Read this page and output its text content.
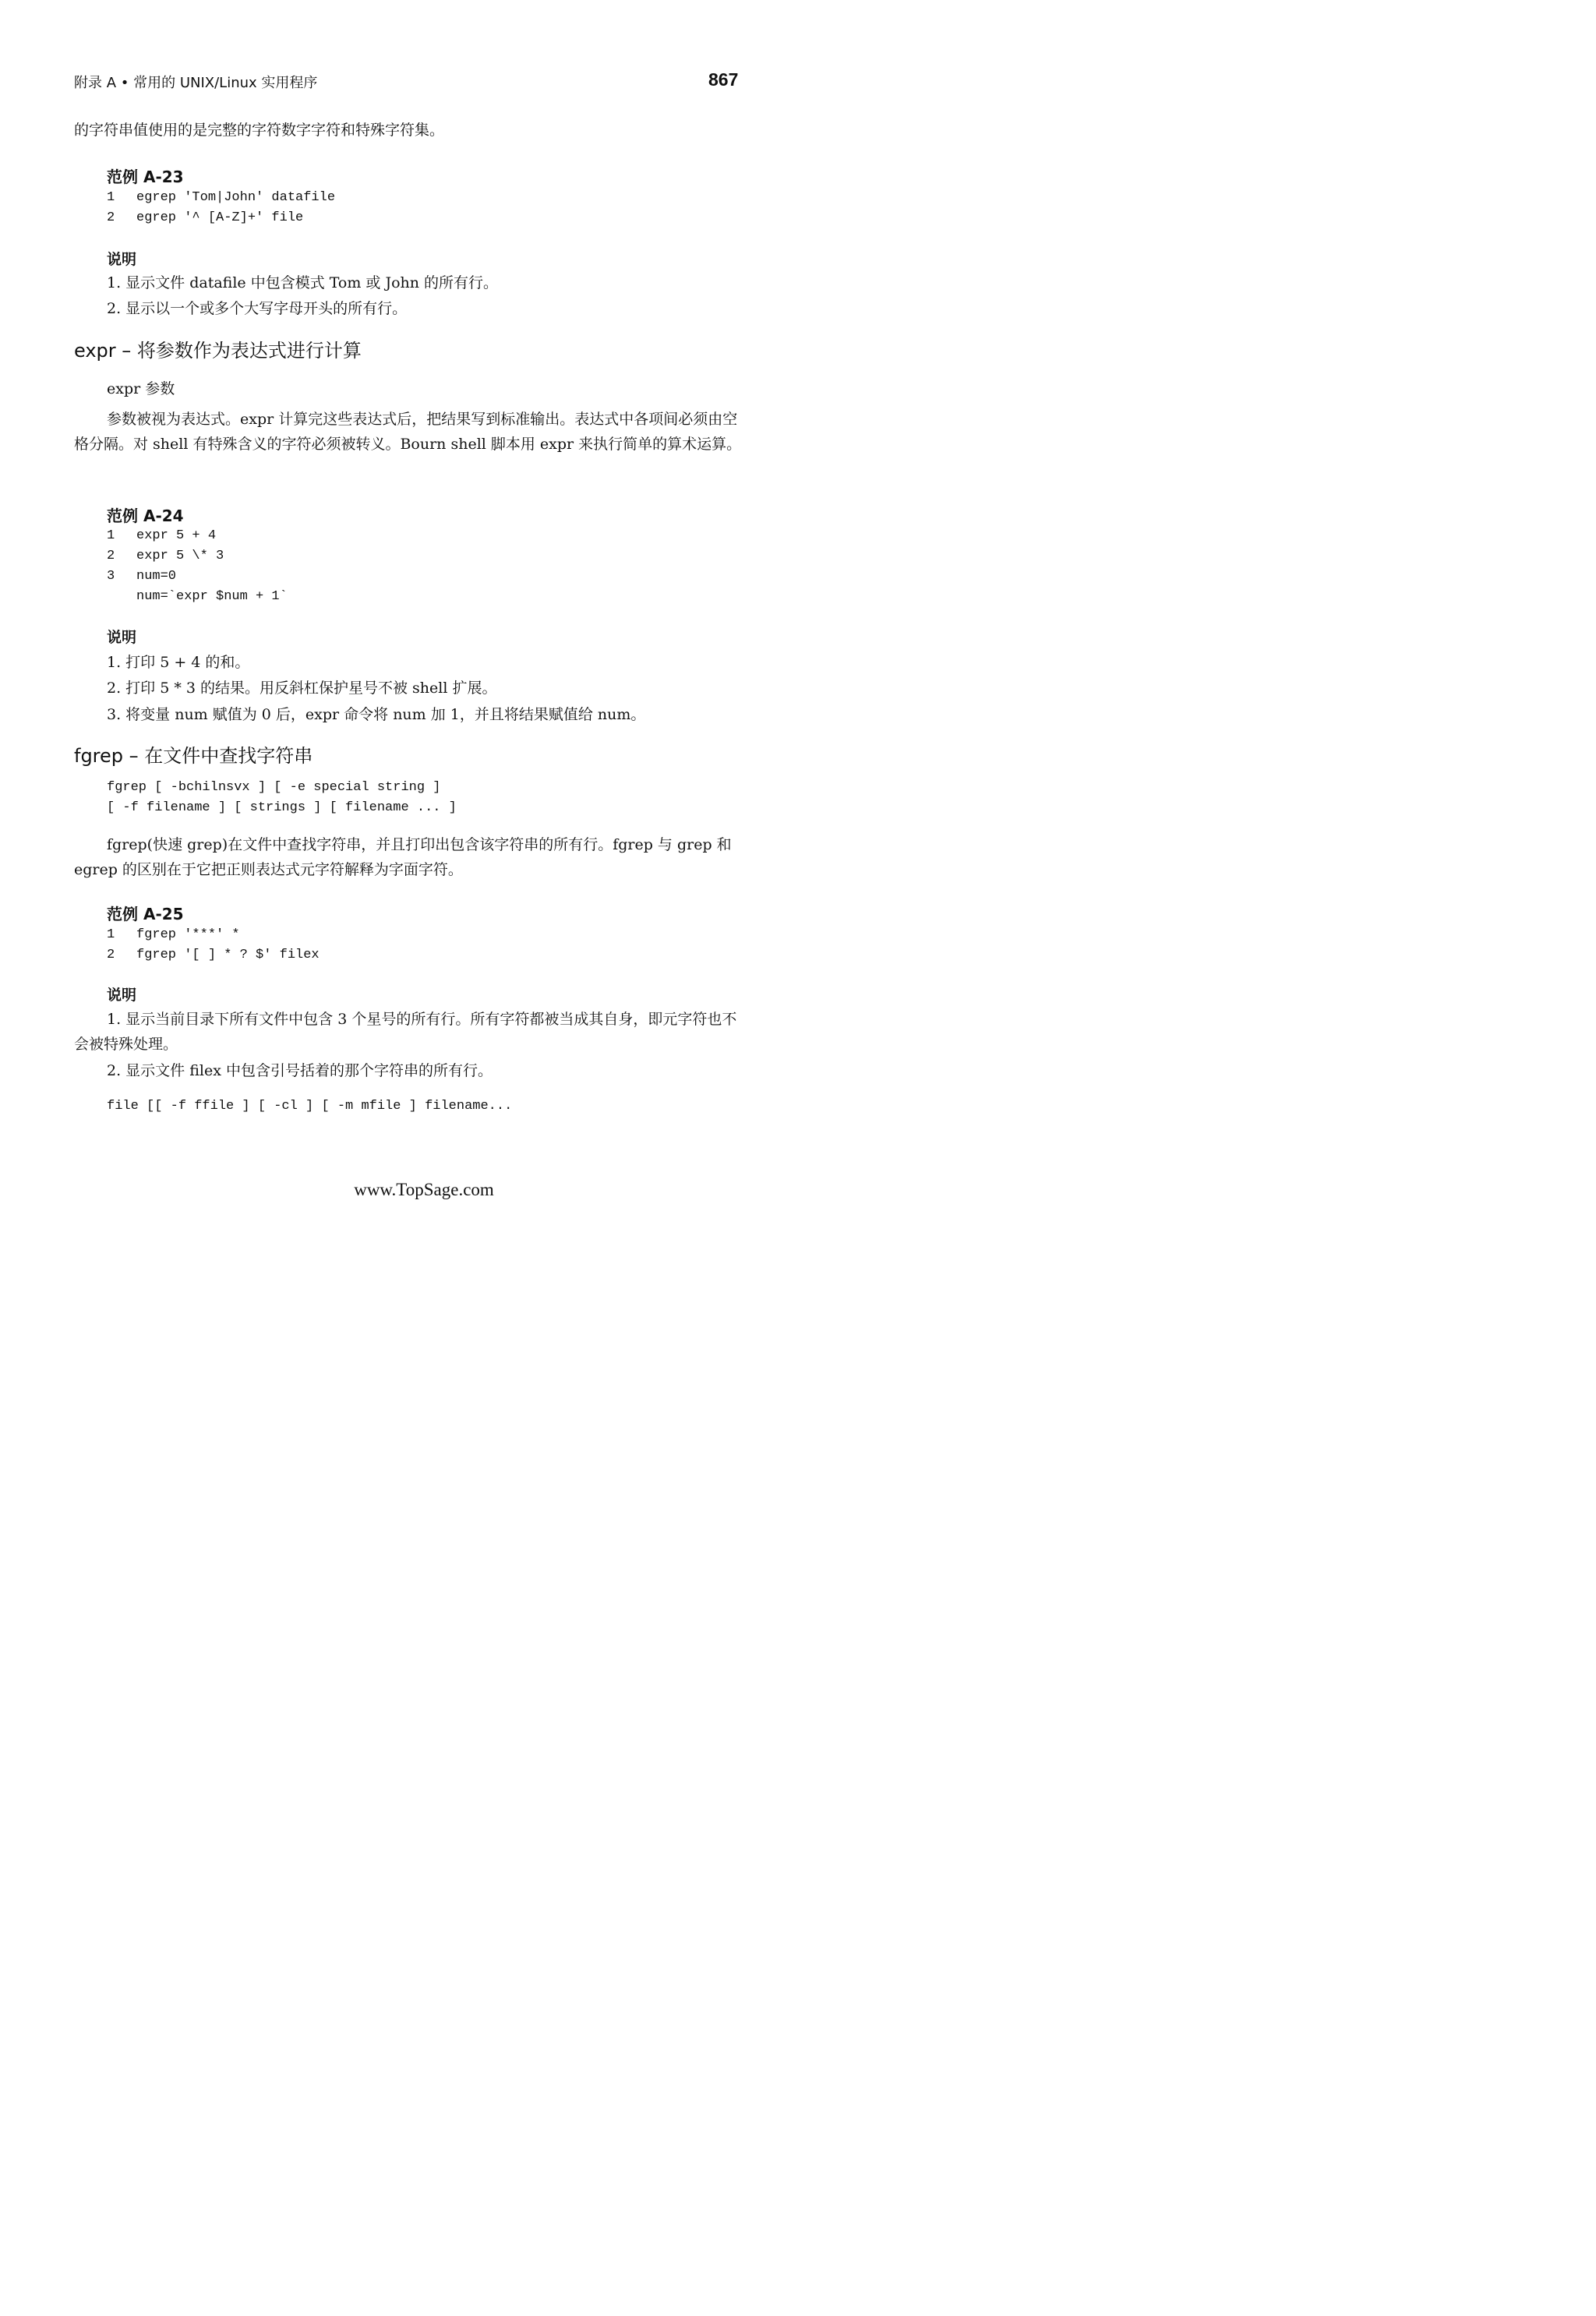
附录 A • 常用的 UNIX/Linux 实用程序	867

的字符串值使用的是完整的字符数字字符和特殊字符集。

范例 A-23
1 egrep 'Tom|John' datafile
2 egrep '^ [A-Z]+' file
说明

1. 显示文件 datafile 中包含模式 Tom 或 John 的所有行。

2. 显示以一个或多个大写字母开头的所有行。

expr – 将参数作为表达式进行计算

expr 参数

参数被视为表达式。expr 计算完这些表达式后，把结果写到标准输出。表达式中各项间必须由空格分隔。对 shell 有特殊含义的字符必须被转义。Bourn shell 脚本用 expr 来执行简单的算术运算。

范例 A-24
1 expr 5 + 4
2 expr 5 \* 3
3 num=0
num=`expr $num + 1`
说明

1. 打印 5 + 4 的和。

2. 打印 5 * 3 的结果。用反斜杠保护星号不被 shell 扩展。

3. 将变量 num 赋值为 0 后，expr 命令将 num 加 1，并且将结果赋值给 num。

fgrep – 在文件中查找字符串
fgrep [ -bchilnsvx ] [ -e special string ]
[ -f filename ] [ strings ] [ filename ... ]

fgrep(快速 grep)在文件中查找字符串，并且打印出包含该字符串的所有行。fgrep 与 grep 和 egrep 的区别在于它把正则表达式元字符解释为字面字符。

范例 A-25
1 fgrep '***' *
2 fgrep '[ ] * ? $' filex
说明

1. 显示当前目录下所有文件中包含 3 个星号的所有行。所有字符都被当成其自身，即元字符也不会被特殊处理。

2. 显示文件 filex 中包含引号括着的那个字符串的所有行。

file [[ -f ffile ] [ -cl ] [ -m mfile ] filename...
www.TopSage.com
